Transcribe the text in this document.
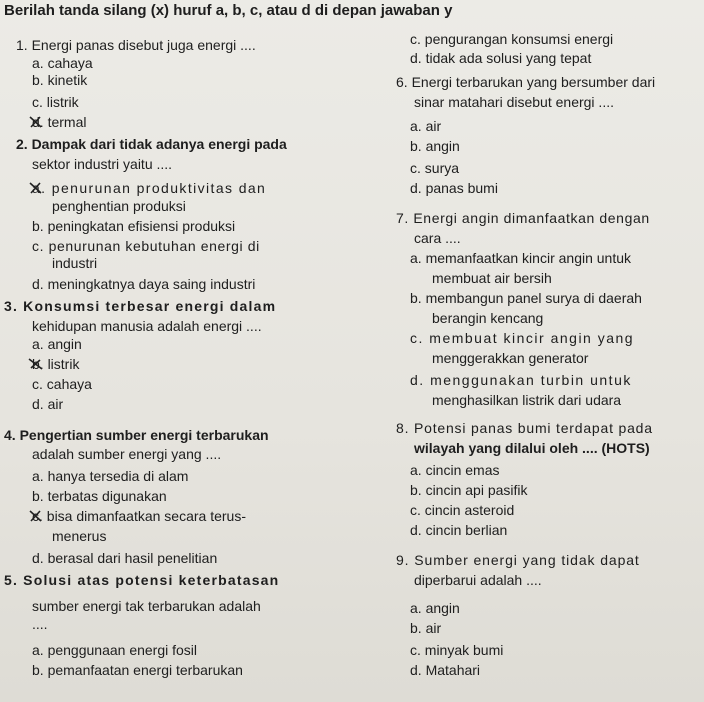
Berilah tanda silang (x) huruf a, b, c, atau d di depan jawaban y
1. Energi panas disebut juga energi ....
a. cahaya
b. kinetik
c. listrik
d. termal
2. Dampak dari tidak adanya energi pada
sektor industri yaitu ....
a. penurunan produktivitas dan
penghentian produksi
b. peningkatan efisiensi produksi
c. penurunan kebutuhan energi di
industri
d. meningkatnya daya saing industri
3. Konsumsi terbesar energi dalam
kehidupan manusia adalah energi ....
a. angin
b. listrik
c. cahaya
d. air
4. Pengertian sumber energi terbarukan
adalah sumber energi yang ....
a. hanya tersedia di alam
b. terbatas digunakan
c. bisa dimanfaatkan secara terus-
menerus
d. berasal dari hasil penelitian
5. Solusi atas potensi keterbatasan
sumber energi tak terbarukan adalah
....
a. penggunaan energi fosil
b. pemanfaatan energi terbarukan
c. pengurangan konsumsi energi
d. tidak ada solusi yang tepat
6. Energi terbarukan yang bersumber dari
sinar matahari disebut energi ....
a. air
b. angin
c. surya
d. panas bumi
7. Energi angin dimanfaatkan dengan
cara ....
a. memanfaatkan kincir angin untuk
membuat air bersih
b. membangun panel surya di daerah
berangin kencang
c. membuat kincir angin yang
menggerakkan generator
d. menggunakan turbin untuk
menghasilkan listrik dari udara
8. Potensi panas bumi terdapat pada
wilayah yang dilalui oleh .... (HOTS)
a. cincin emas
b. cincin api pasifik
c. cincin asteroid
d. cincin berlian
9. Sumber energi yang tidak dapat
diperbarui adalah ....
a. angin
b. air
c. minyak bumi
d. Matahari
